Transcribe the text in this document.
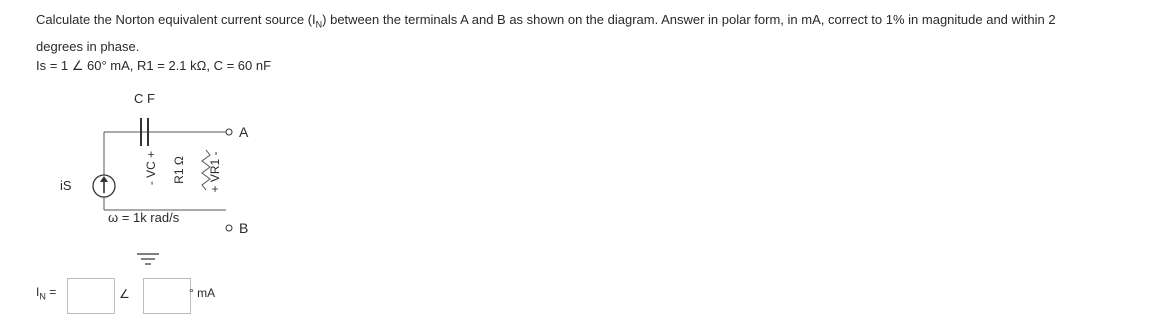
Calculate the Norton equivalent current source $(I_N)$ between the terminals A and B as shown on the diagram. Answer in polar form, in mA, correct to 1% in magnitude and within 2
degrees in phase.
Is = 1 ∠ 60° mA, R1 = 2.1 kΩ, C = 60 nF
C F
iS
- VC + R1 Ω + VR1 -
ω = 1k rad/s
A
B
$I_N$ =	∠	° mA
